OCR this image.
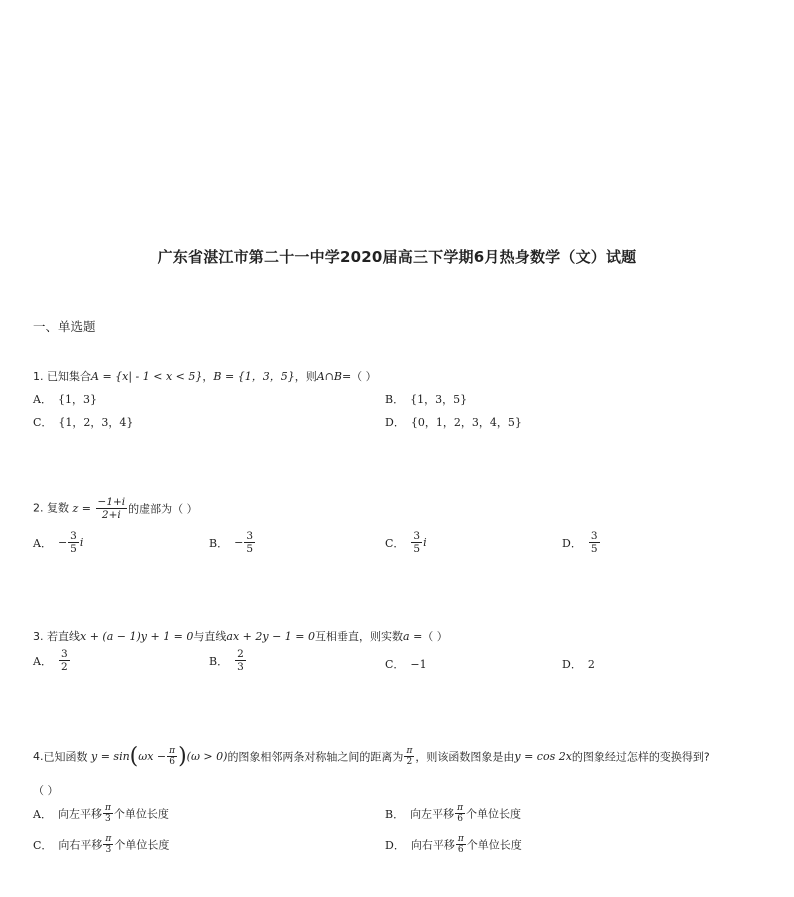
广东省湛江市第二十一中学2020届高三下学期6月热身数学（文）试题
一、单选题
1. 已知集合A = {x| - 1 < x < 5}，B = {1，3，5}，则A∩B=（ ）
A． {1，3}	B． {1，3，5}
C． {1，2，3，4}	D． {0，1，2，3，4，5}
2. 复数 $z = \frac{-1+i}{2+i}$ 的虚部为（ ）
A． − $\frac{3}{5}$ i	B． − $\frac{3}{5}$	C． $\frac{3}{5}$ i	D． $\frac{3}{5}$
3. 若直线x + (a − 1)y + 1 = 0与直线ax + 2y − 1 = 0互相垂直，则实数a =（ ）
A． $\frac{3}{2}$	B． $\frac{2}{3}$	C． −1	D． 2
4.已知函数 $y = \sin(\omega x - \frac{\pi}{6} )(\omega > 0)$的图象相邻两条对称轴之间的距离为 $\frac{\pi}{2}$ ，则该函数图象是由y = cos 2x的图象经过怎样的变换得到?
（ ）
A． 向左平移 $\frac{\pi}{3}$ 个单位长度	B． 向左平移 $\frac{\pi}{6}$ 个单位长度
C． 向右平移 $\frac{\pi}{3}$ 个单位长度	D． 向右平移 $\frac{\pi}{6}$ 个单位长度
